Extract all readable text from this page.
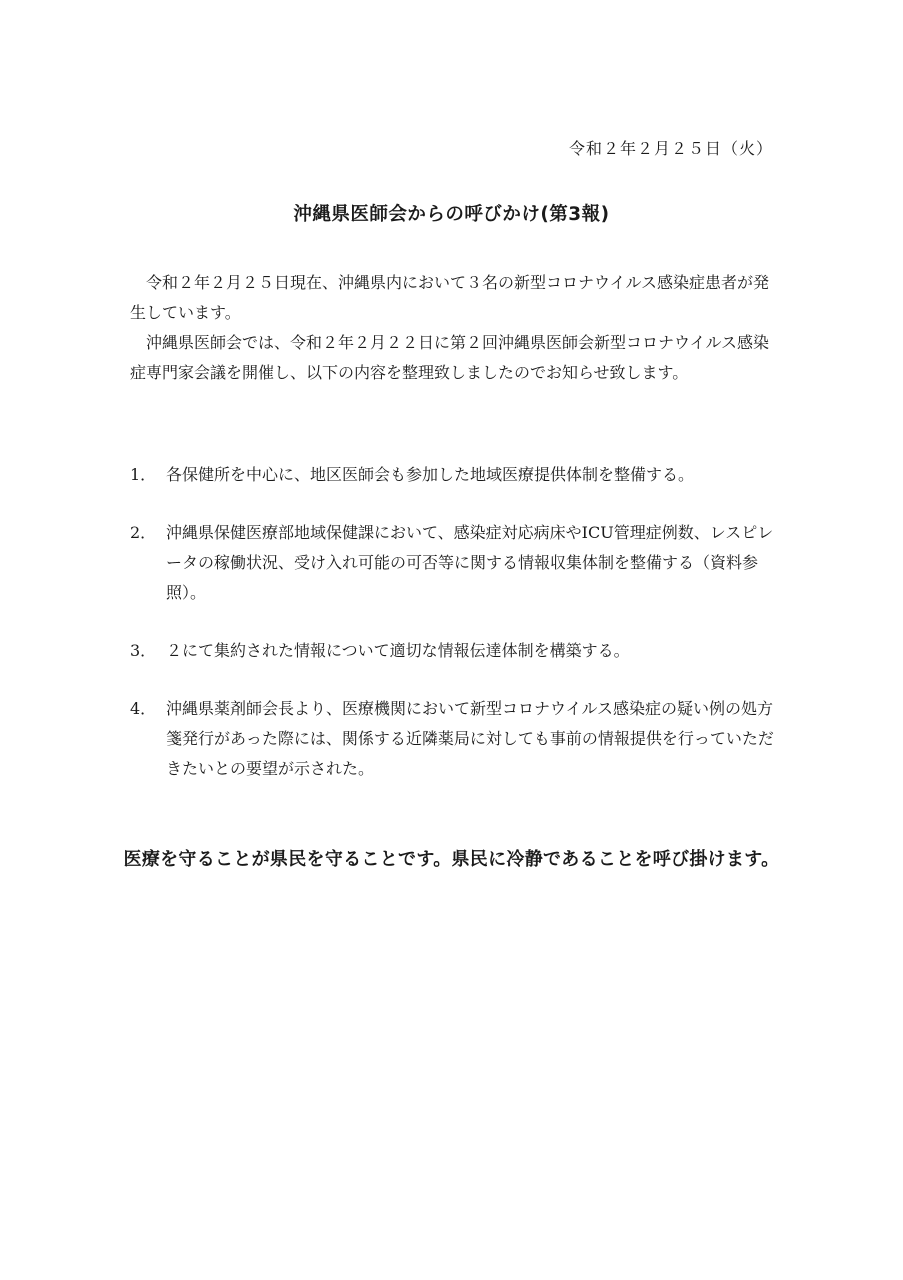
令和２年２月２５日（火）
沖縄県医師会からの呼びかけ(第3報)

令和２年２月２５日現在、沖縄県内において３名の新型コロナウイルス感染症患者が発生しています。

沖縄県医師会では、令和２年２月２２日に第２回沖縄県医師会新型コロナウイルス感染症専門家会議を開催し、以下の内容を整理致しましたのでお知らせ致します。

1． 各保健所を中心に、地区医師会も参加した地域医療提供体制を整備する。
2． 沖縄県保健医療部地域保健課において、感染症対応病床やICU管理症例数、レスピレータの稼働状況、受け入れ可能の可否等に関する情報収集体制を整備する（資料参照）。
3． ２にて集約された情報について適切な情報伝達体制を構築する。
4． 沖縄県薬剤師会長より、医療機関において新型コロナウイルス感染症の疑い例の処方箋発行があった際には、関係する近隣薬局に対しても事前の情報提供を行っていただきたいとの要望が示された。
医療を守ることが県民を守ることです。県民に冷静であることを呼び掛けます。
